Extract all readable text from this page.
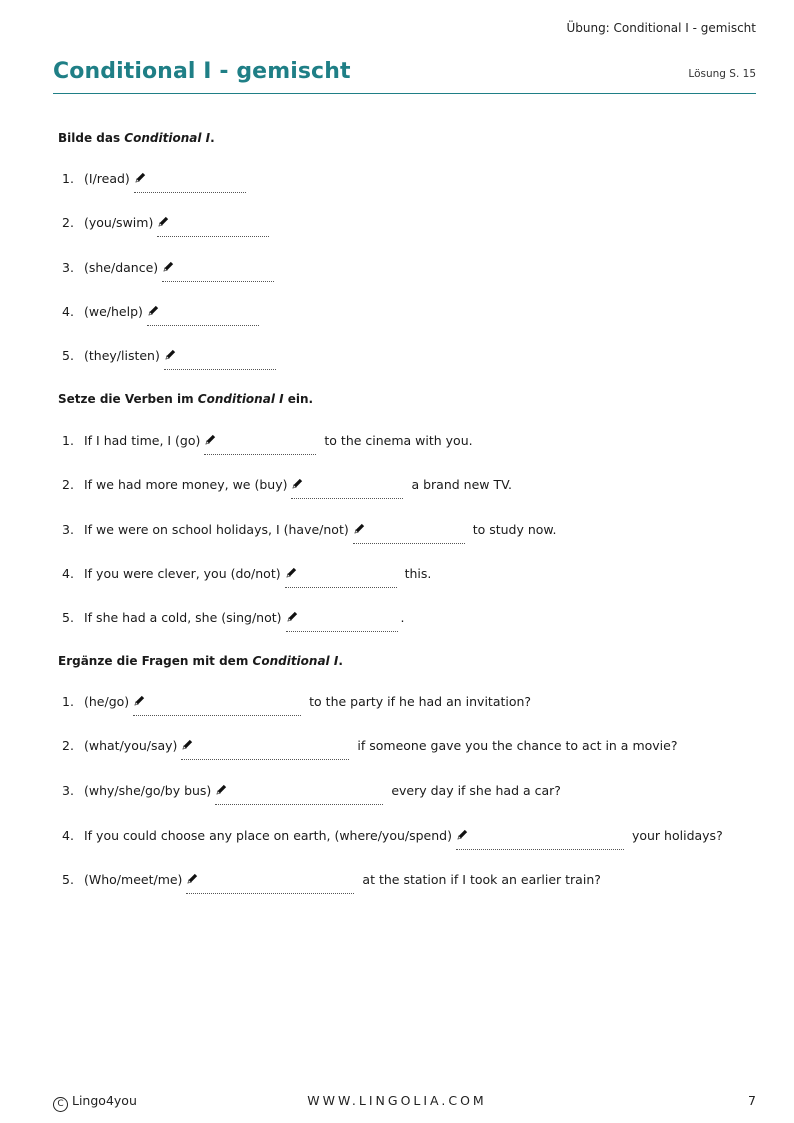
Übung: Conditional I - gemischt
Conditional I - gemischt	Lösung S. 15
Bilde das Conditional I.
1. (I/read)
2. (you/swim)
3. (she/dance)
4. (we/help)
5. (they/listen)
Setze die Verben im Conditional I ein.
1. If I had time, I (go)	to the cinema with you.
2. If we had more money, we (buy)	a brand new TV.
3. If we were on school holidays, I (have/not)	to study now.
4. If you were clever, you (do/not)	this.
5. If she had a cold, she (sing/not)	.
Ergänze die Fragen mit dem Conditional I.
1. (he/go)	to the party if he had an invitation?
2. (what/you/say)	if someone gave you the chance to act in a movie?
3. (why/she/go/by bus)	every day if she had a car?
4. If you could choose any place on earth, (where/you/spend)	your holidays?
5. (Who/meet/me)	at the station if I took an earlier train?
C Lingo4you	WWW.LINGOLIA.COM	7
